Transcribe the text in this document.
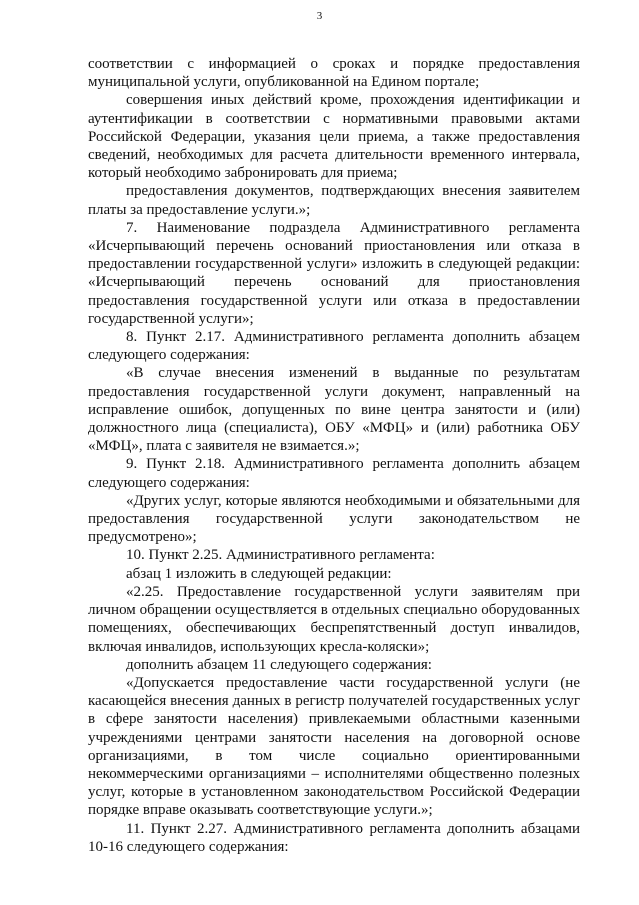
3

соответствии с информацией о сроках и порядке предоставления муниципальной услуги, опубликованной на Едином портале;

совершения иных действий кроме, прохождения идентификации и аутентификации в соответствии с нормативными правовыми актами Российской Федерации, указания цели приема, а также предоставления сведений, необходимых для расчета длительности временного интервала, который необходимо забронировать для приема;

предоставления документов, подтверждающих внесения заявителем платы за предоставление услуги.»;

7. Наименование подраздела Административного регламента «Исчерпывающий перечень оснований приостановления или отказа в предоставлении государственной услуги» изложить в следующей редакции: «Исчерпывающий перечень оснований для приостановления предоставления государственной услуги или отказа в предоставлении государственной услуги»;

8. Пункт 2.17. Административного регламента дополнить абзацем следующего содержания:

«В случае внесения изменений в выданные по результатам предоставления государственной услуги документ, направленный на исправление ошибок, допущенных по вине центра занятости и (или) должностного лица (специалиста), ОБУ «МФЦ» и (или) работника ОБУ «МФЦ», плата с заявителя не взимается.»;

9. Пункт 2.18. Административного регламента дополнить абзацем следующего содержания:

«Других услуг, которые являются необходимыми и обязательными для предоставления государственной услуги законодательством не предусмотрено»;

10. Пункт 2.25. Административного регламента:

абзац 1 изложить в следующей редакции:

«2.25. Предоставление государственной услуги заявителям при личном обращении осуществляется в отдельных специально оборудованных помещениях, обеспечивающих беспрепятственный доступ инвалидов, включая инвалидов, использующих кресла-коляски»;

дополнить абзацем 11 следующего содержания:

«Допускается предоставление части государственной услуги (не касающейся внесения данных в регистр получателей государственных услуг в сфере занятости населения) привлекаемыми областными казенными учреждениями центрами занятости населения на договорной основе организациями, в том числе социально ориентированными некоммерческими организациями – исполнителями общественно полезных услуг, которые в установленном законодательством Российской Федерации порядке вправе оказывать соответствующие услуги.»;

11. Пункт 2.27. Административного регламента дополнить абзацами 10-16 следующего содержания:
